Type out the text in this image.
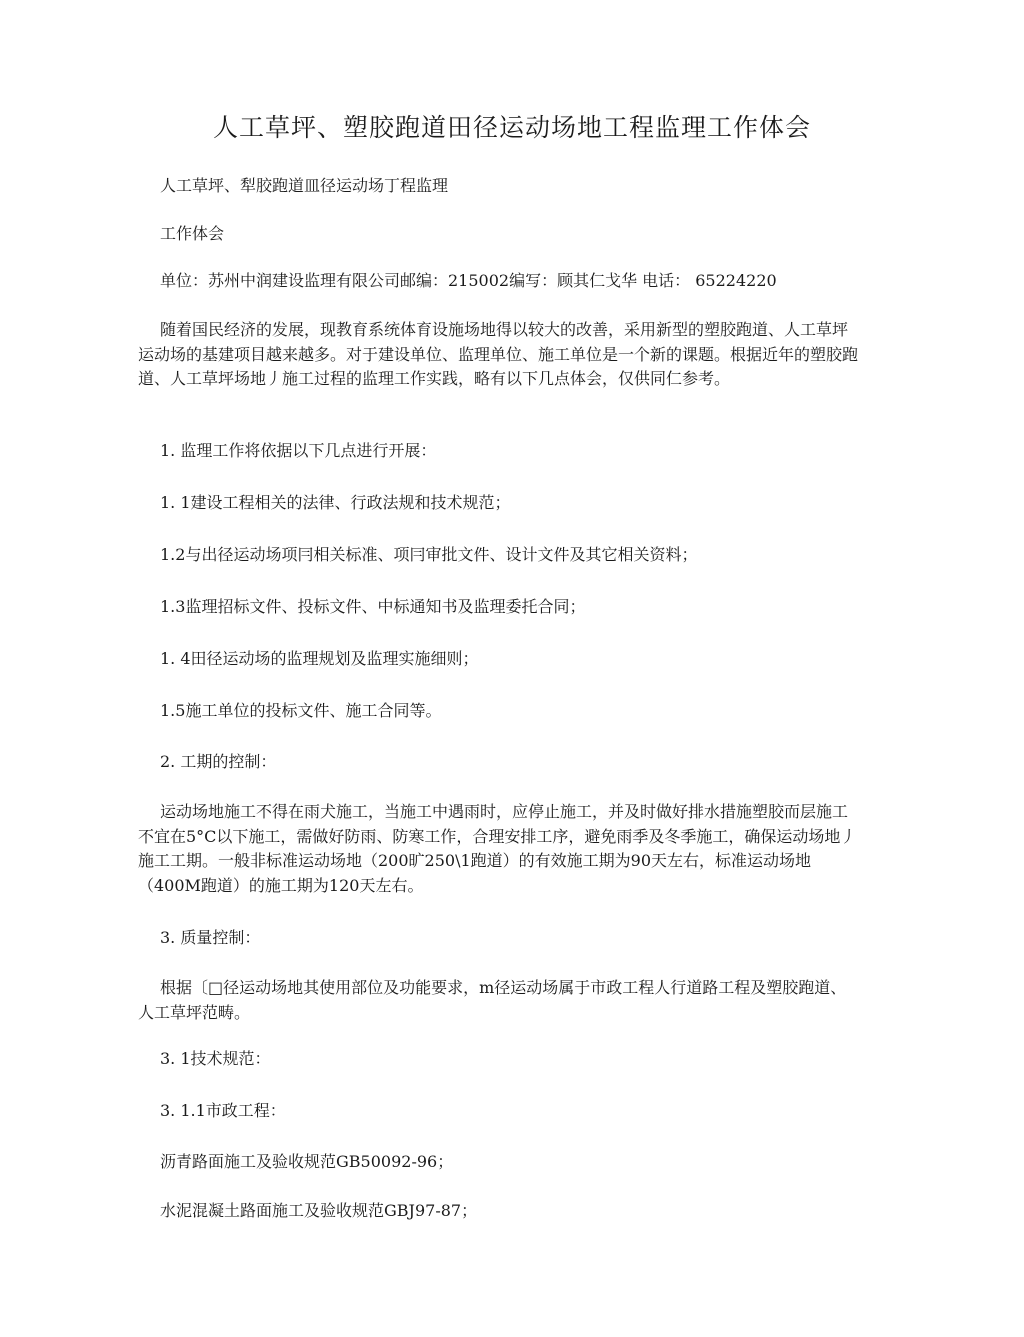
人工草坪、塑胶跑道田径运动场地工程监理工作体会
人工草坪、犁胶跑道皿径运动场丁程监理
工作体会
单位：苏州中润建设监理有限公司邮编：215002编写：顾其仁戈华 电话： 65224220

随着国民经济的发展，现教育系统体育设施场地得以较大的改善，采用新型的塑胶跑道、人工草坪运动场的基建项目越来越多。对于建设单位、监理单位、施工单位是一个新的课题。根据近年的塑胶跑道、人工草坪场地丿施工过程的监理工作实践，略有以下几点体会，仅供同仁参考。

1. 监理工作将依据以下几点进行开展：
1. 1建设工程相关的法律、行政法规和技术规范；
1.2与出径运动场项冃相关标准、项冃审批文件、设计文件及其它相关资料；
1.3监理招标文件、投标文件、中标通知书及监理委托合同；
1. 4田径运动场的监理规划及监理实施细则；
1.5施工单位的投标文件、施工合同等。
2. 工期的控制：

运动场地施工不得在雨犬施工，当施工中遇雨时，应停止施工，并及时做好排水措施塑胶而层施工不宜在5°C以下施工，需做好防雨、防寒工作，合理安排工序，避免雨季及冬季施工，确保运动场地丿施工工期。一般非标准运动场地（200旷250\1跑道）的有效施工期为90天左右，标准运动场地（400M跑道）的施工期为120天左右。

3. 质量控制：

根据〔□径运动场地其使用部位及功能要求，m径运动场属于市政工程人行道路工程及塑胶跑道、人工草坪范畴。

3. 1技术规范：
3. 1.1市政工程：
沥青路面施工及验收规范GB50092-96；
水泥混凝土路面施工及验收规范GBJ97-87；
